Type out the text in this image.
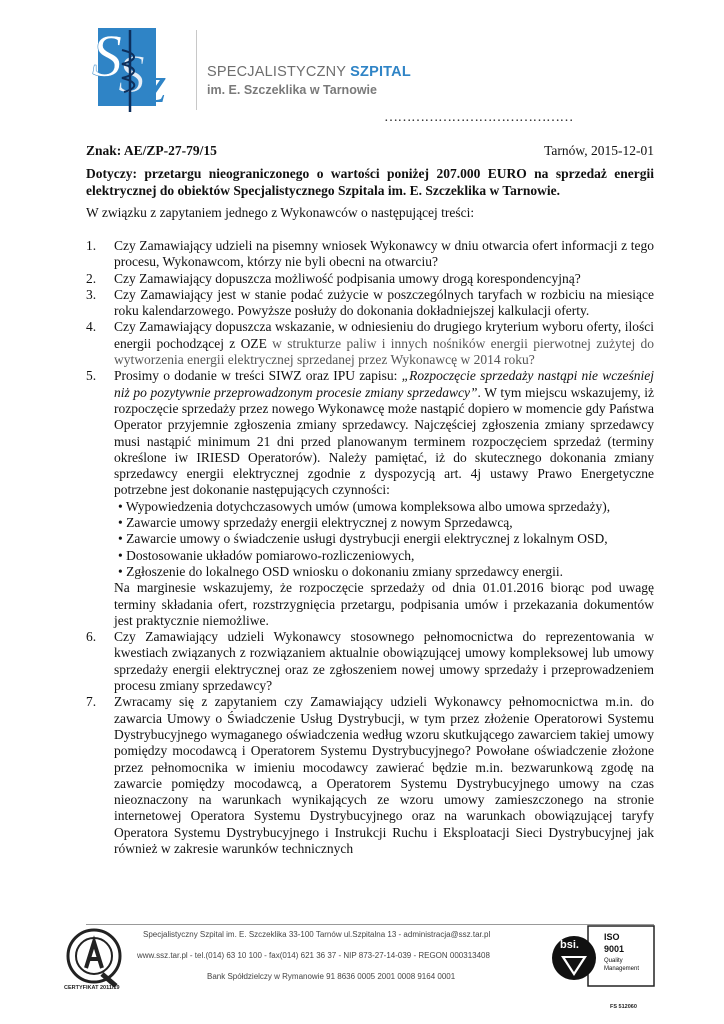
S
S z	SPECJALISTYCZNY SZPITAL
im. E. Szczeklika w Tarnowie
……………………………………
Znak: AE/ZP-27-79/15	Tarnów, 2015-12-01
Dotyczy: przetargu nieograniczonego o wartości poniżej 207.000 EURO na sprzedaż energii elektrycznej do obiektów Specjalistycznego Szpitala im. E. Szczeklika w Tarnowie.
W związku z zapytaniem jednego z Wykonawców o następującej treści:
1. Czy Zamawiający udzieli na pisemny wniosek Wykonawcy w dniu otwarcia ofert informacji z tego procesu, Wykonawcom, którzy nie byli obecni na otwarciu?
2. Czy Zamawiający dopuszcza możliwość podpisania umowy drogą korespondencyjną?
3. Czy Zamawiający jest w stanie podać zużycie w poszczególnych taryfach w rozbiciu na miesiące roku kalendarzowego. Powyższe posłuży do dokonania dokładniejszej kalkulacji oferty.
4. Czy Zamawiający dopuszcza wskazanie, w odniesieniu do drugiego kryterium wyboru oferty, ilości energii pochodzącej z OZE w strukturze paliw i innych nośników energii pierwotnej zużytej do wytworzenia energii elektrycznej sprzedanej przez Wykonawcę w 2014 roku?
5. Prosimy o dodanie w treści SIWZ oraz IPU zapisu: „Rozpoczęcie sprzedaży nastąpi nie wcześniej niż po pozytywnie przeprowadzonym procesie zmiany sprzedawcy”. W tym miejscu wskazujemy, iż rozpoczęcie sprzedaży przez nowego Wykonawcę może nastąpić dopiero w momencie gdy Państwa Operator przyjemnie zgłoszenia zmiany sprzedawcy. Najczęściej zgłoszenia zmiany sprzedawcy musi nastąpić minimum 21 dni przed planowanym terminem rozpoczęciem sprzedaż (terminy określone iw IRIESD Operatorów). Należy pamiętać, iż do skutecznego dokonania zmiany sprzedawcy energii elektrycznej zgodnie z dyspozycją art. 4j ustawy Prawo Energetyczne potrzebne jest dokonanie następujących czynności:
• Wypowiedzenia dotychczasowych umów (umowa kompleksowa albo umowa sprzedaży),
• Zawarcie umowy sprzedaży energii elektrycznej z nowym Sprzedawcą,
• Zawarcie umowy o świadczenie usługi dystrybucji energii elektrycznej z lokalnym OSD,
• Dostosowanie układów pomiarowo-rozliczeniowych,
• Zgłoszenie do lokalnego OSD wniosku o dokonaniu zmiany sprzedawcy energii.
Na marginesie wskazujemy, że rozpoczęcie sprzedaży od dnia 01.01.2016 biorąc pod uwagę terminy składania ofert, rozstrzygnięcia przetargu, podpisania umów i przekazania dokumentów jest praktycznie niemożliwe.
6. Czy Zamawiający udzieli Wykonawcy stosownego pełnomocnictwa do reprezentowania w kwestiach związanych z rozwiązaniem aktualnie obowiązującej umowy kompleksowej lub umowy sprzedaży energii elektrycznej oraz ze zgłoszeniem nowej umowy sprzedaży i przeprowadzeniem procesu zmiany sprzedawcy?
7. Zwracamy się z zapytaniem czy Zamawiający udzieli Wykonawcy pełnomocnictwa m.in. do zawarcia Umowy o Świadczenie Usług Dystrybucji, w tym przez złożenie Operatorowi Systemu Dystrybucyjnego wymaganego oświadczenia według wzoru skutkującego zawarciem takiej umowy pomiędzy mocodawcą i Operatorem Systemu Dystrybucyjnego? Powołane oświadczenie złożone przez pełnomocnika w imieniu mocodawcy zawierać będzie m.in. bezwarunkową zgodę na zawarcie pomiędzy mocodawcą, a Operatorem Systemu Dystrybucyjnego umowy na czas nieoznaczony na warunkach wynikających ze wzoru umowy zamieszczonego na stronie internetowej Operatora Systemu Dystrybucyjnego oraz na warunkach obowiązującej taryfy Operatora Systemu Dystrybucyjnego i Instrukcji Ruchu i Eksploatacji Sieci Dystrybucyjnej jak również w zakresie warunków technicznych
CERTYFIKAT 2011/19
Specjalistyczny Szpital im. E. Szczeklika 33-100 Tarnów ul.Szpitalna 13 - administracja@ssz.tar.pl
www.ssz.tar.pl - tel.(014) 63 10 100 - fax(014) 621 36 37 - NIP 873-27-14-039 - REGON 000313408
Bank Spółdzielczy w Rymanowie 91 8636 0005 2001 0008 9164 0001
bsi.
ISO
9001
Quality
Management
FS 512060
